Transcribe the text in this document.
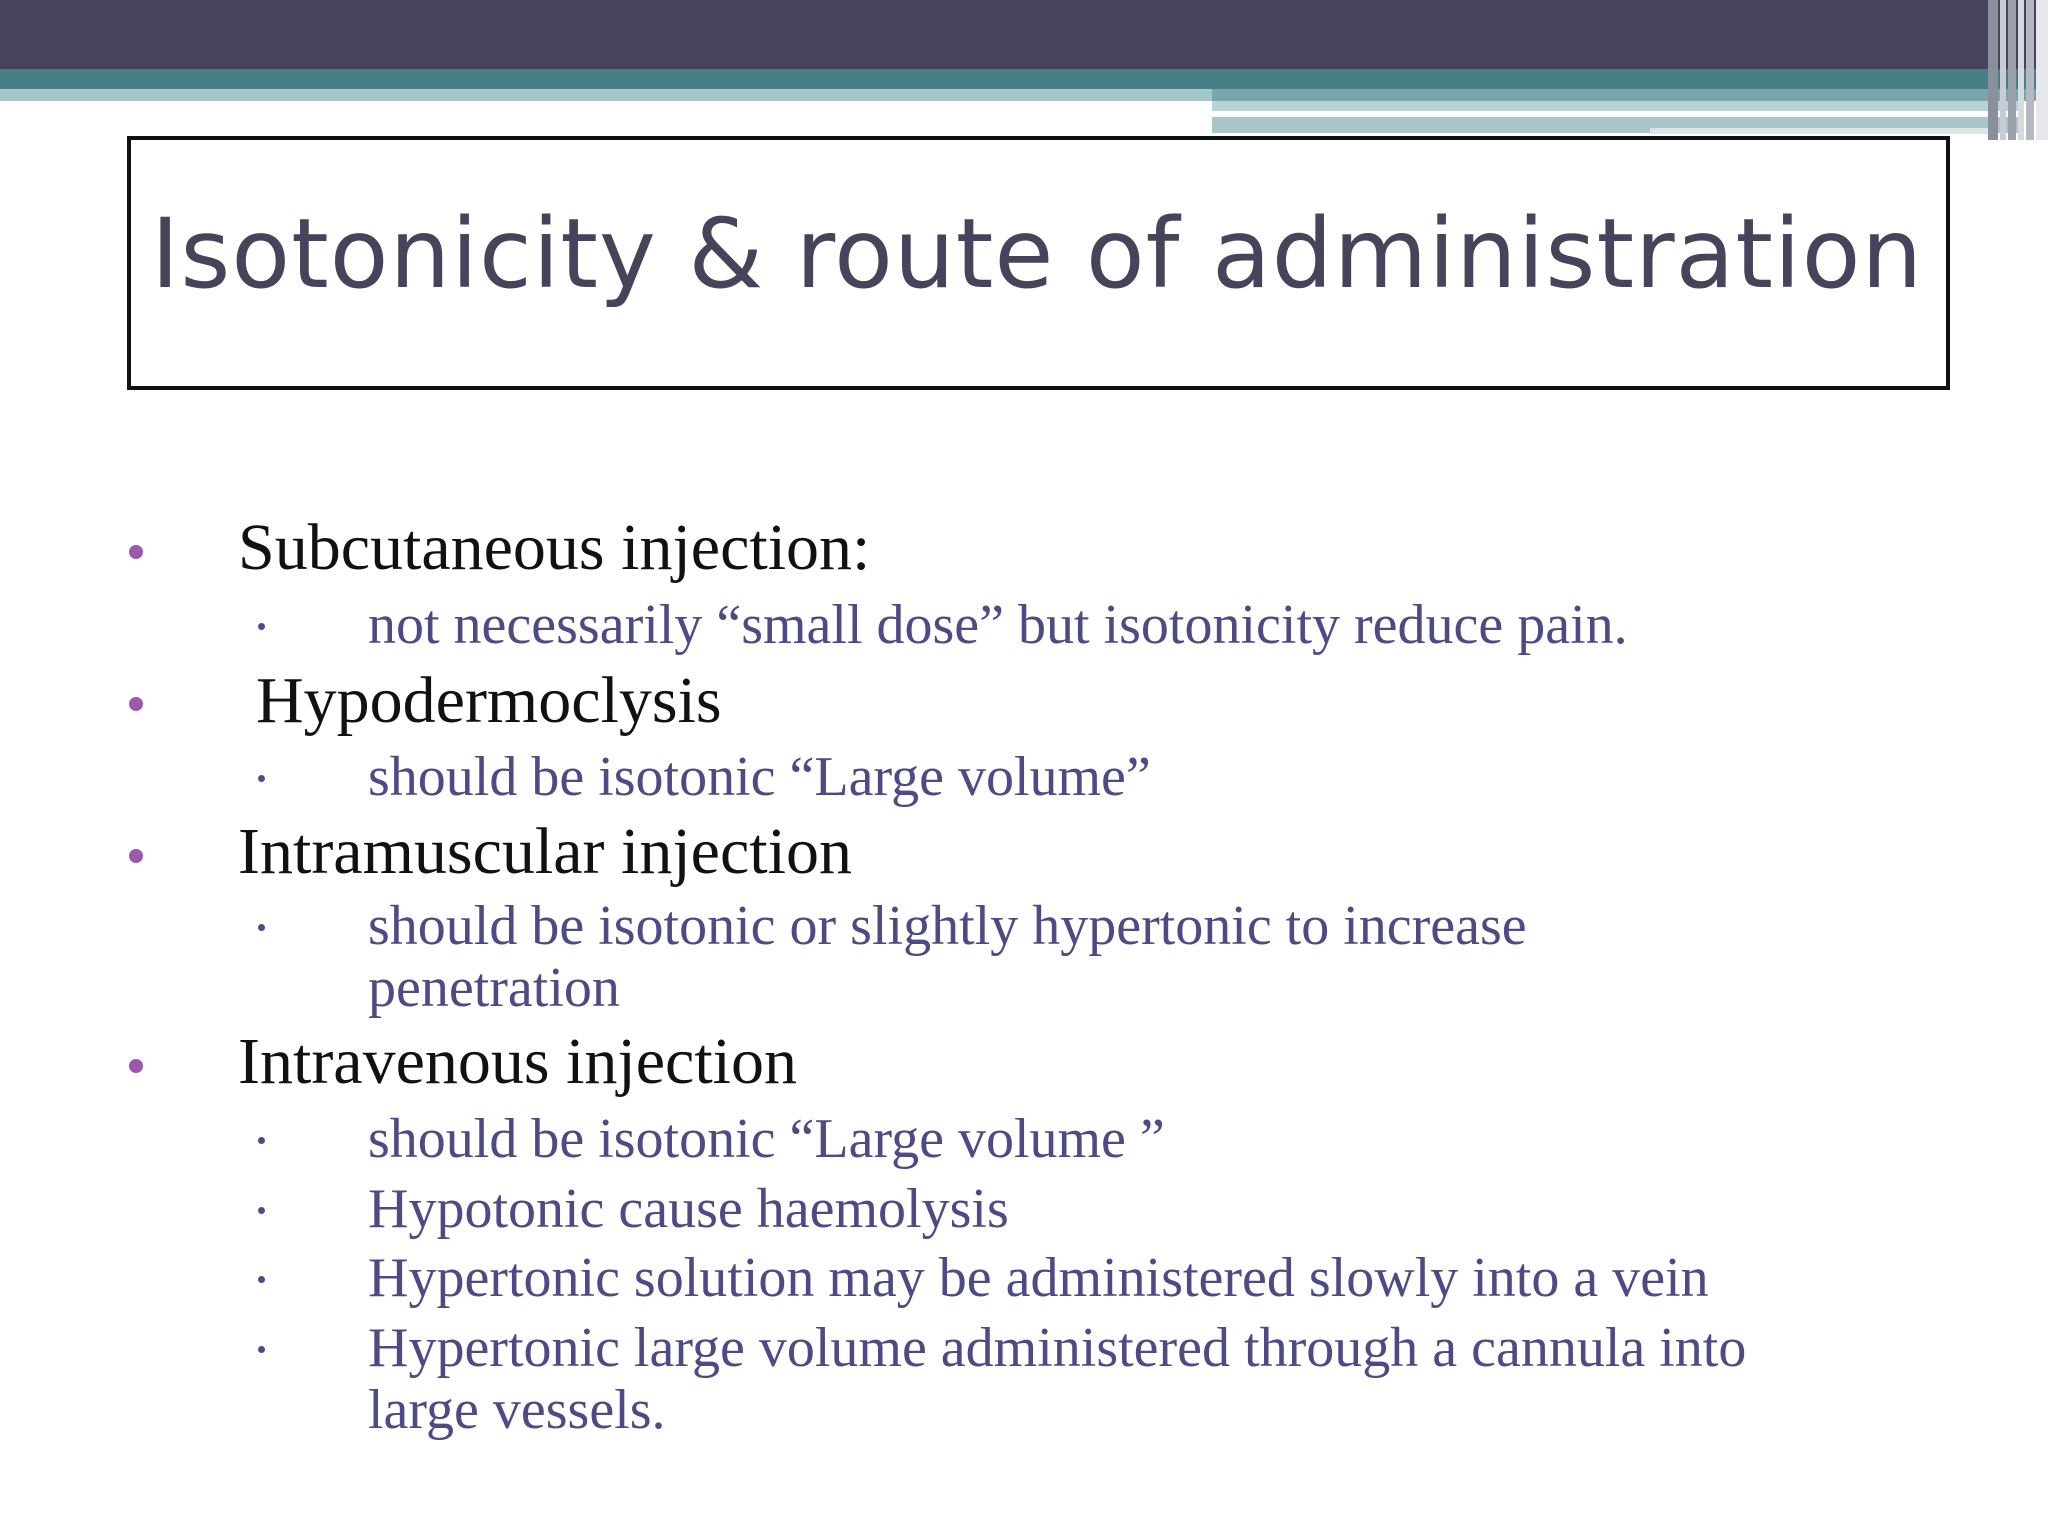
Isotonicity & route of administration
Subcutaneous injection:
not necessarily “small dose” but isotonicity reduce pain.
Hypodermoclysis
should be isotonic “Large volume”
Intramuscular injection
should be isotonic or slightly hypertonic to increase
penetration
Intravenous injection
should be isotonic “Large volume ”
Hypotonic cause haemolysis
Hypertonic solution may be administered slowly into a vein
Hypertonic large volume administered through a cannula into
large vessels.
